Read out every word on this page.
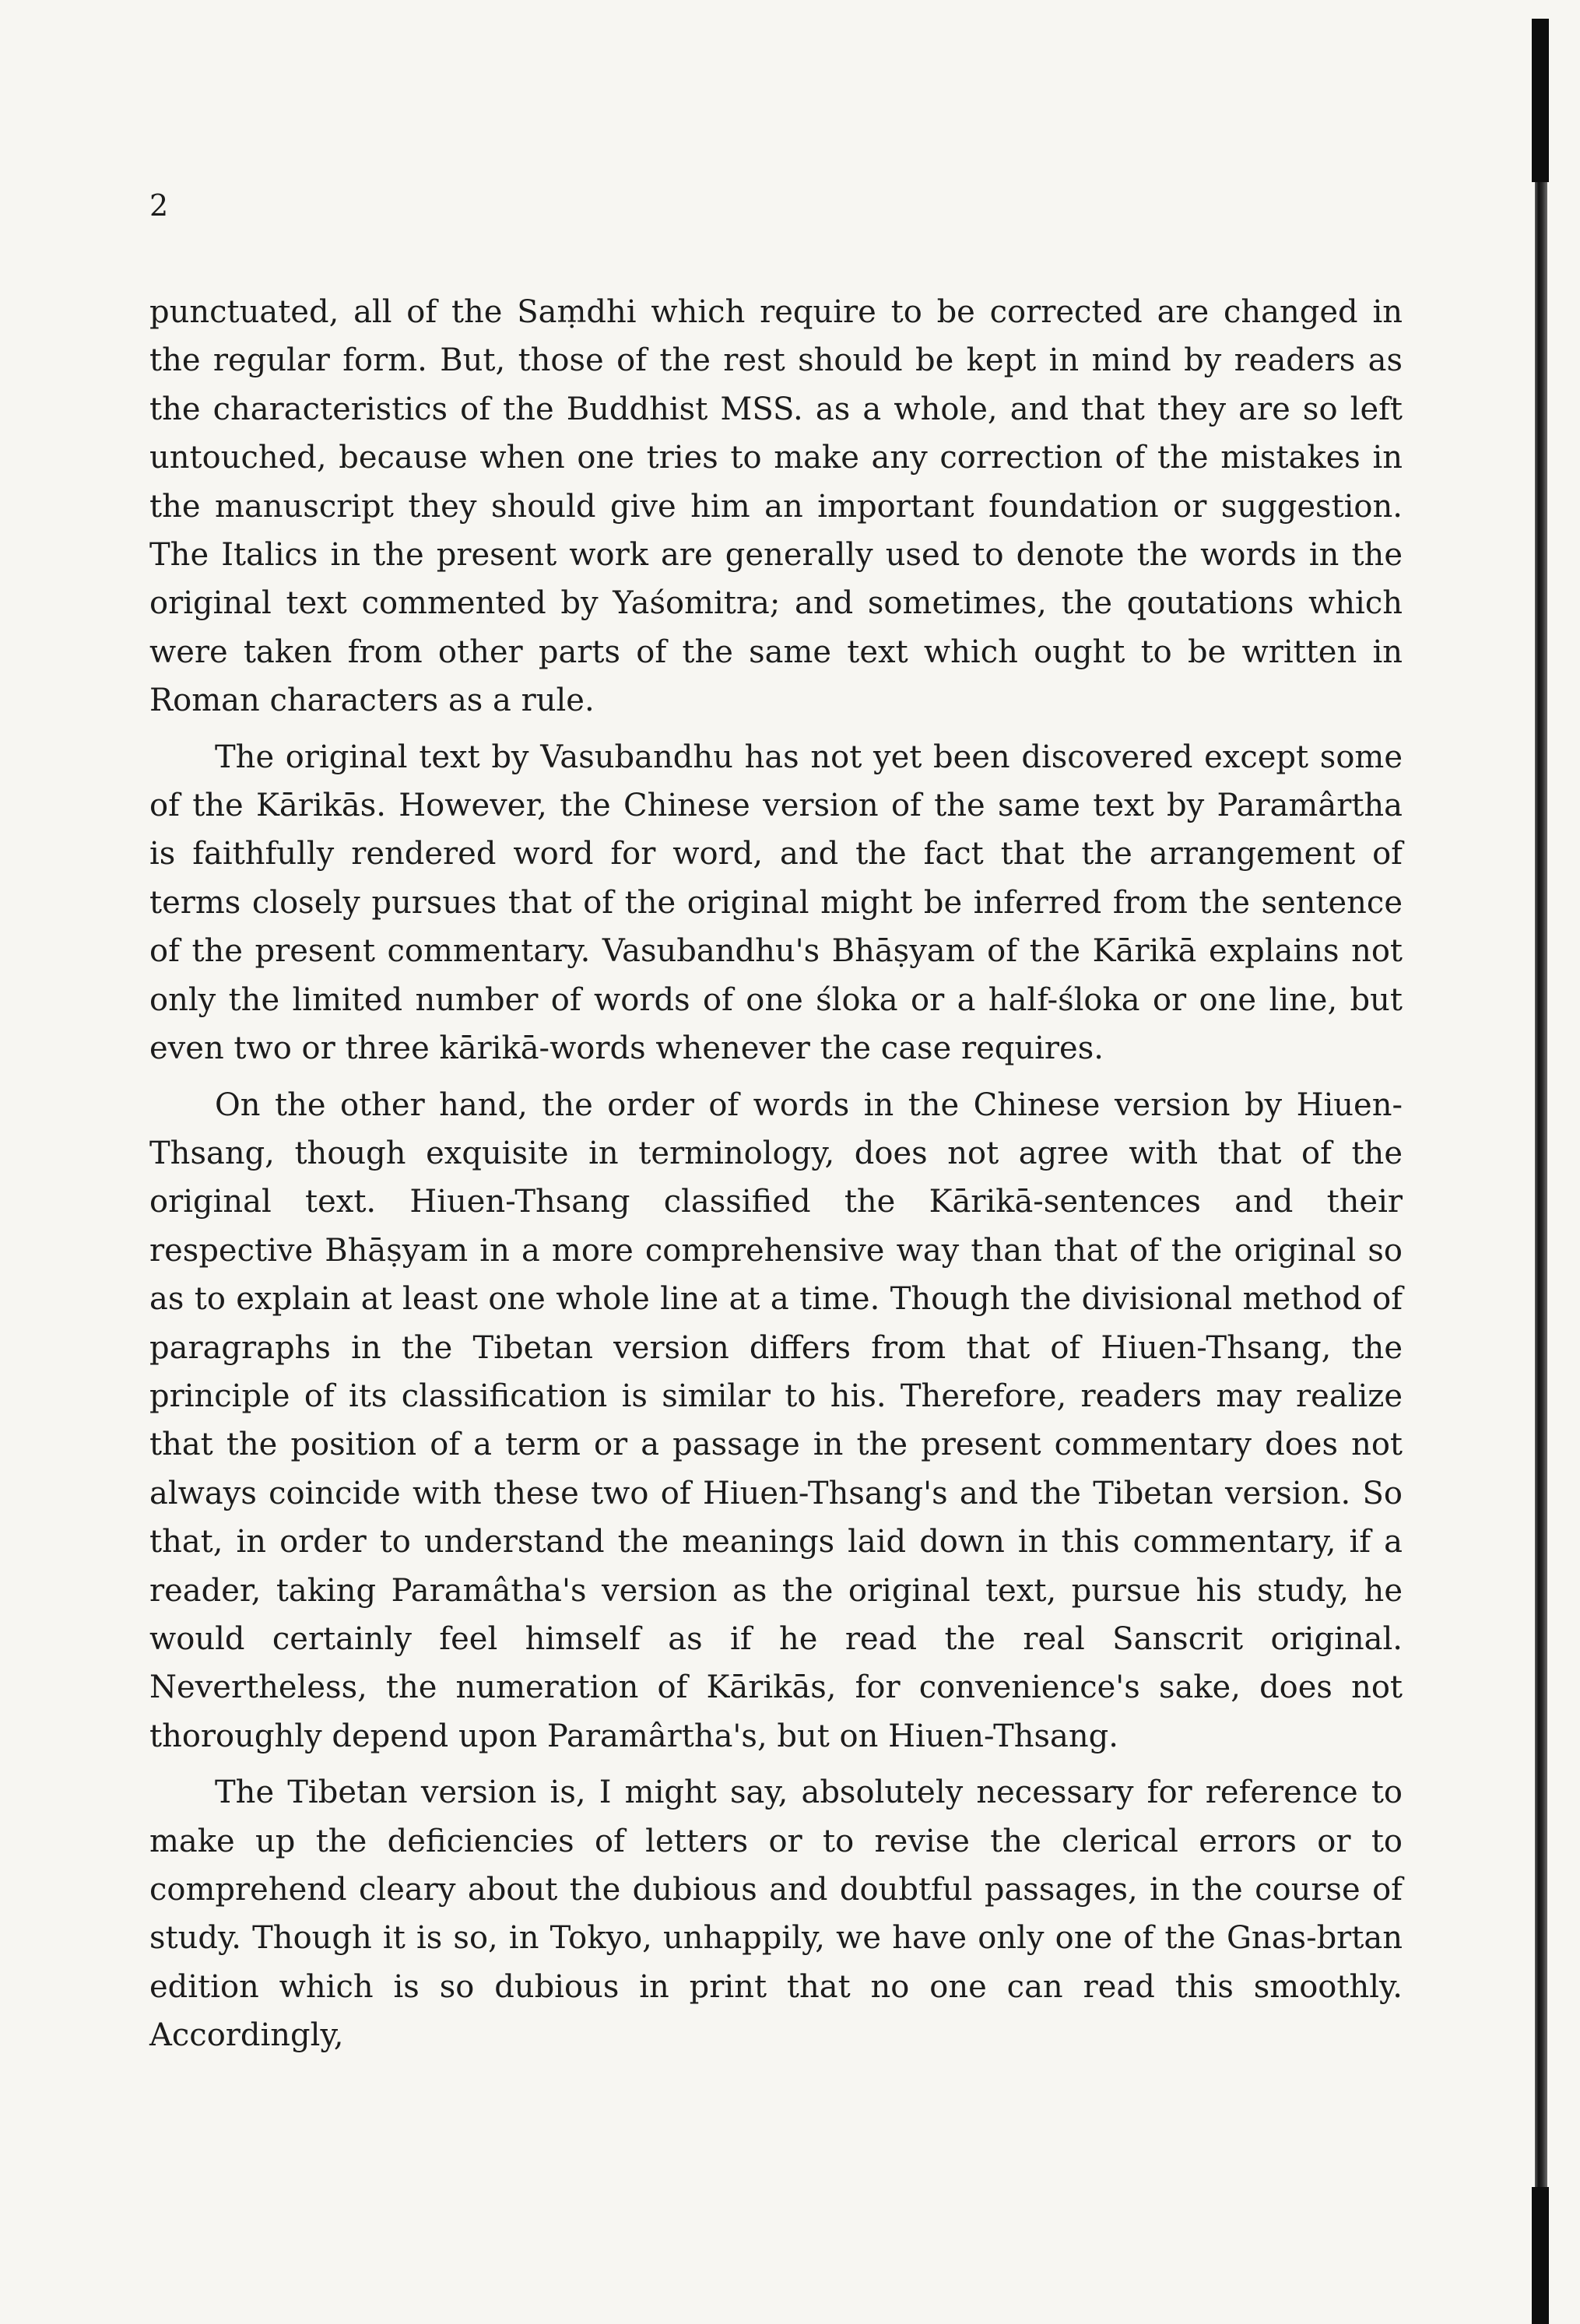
2

punctuated, all of the Saṃdhi which require to be corrected are changed in the regular form. But, those of the rest should be kept in mind by readers as the characteristics of the Buddhist MSS. as a whole, and that they are so left untouched, because when one tries to make any correction of the mistakes in the manuscript they should give him an important foundation or suggestion. The Italics in the present work are generally used to denote the words in the original text commented by Yaśomitra; and sometimes, the qoutations which were taken from other parts of the same text which ought to be written in Roman characters as a rule.

The original text by Vasubandhu has not yet been discovered except some of the Kārikās. However, the Chinese version of the same text by Paramârtha is faithfully rendered word for word, and the fact that the arrangement of terms closely pursues that of the original might be inferred from the sentence of the present commentary. Vasubandhu's Bhāṣyam of the Kārikā explains not only the limited number of words of one śloka or a half-śloka or one line, but even two or three kārikā-words whenever the case requires.

On the other hand, the order of words in the Chinese version by Hiuen-Thsang, though exquisite in terminology, does not agree with that of the original text. Hiuen-Thsang classified the Kārikā-sentences and their respective Bhāṣyam in a more comprehensive way than that of the original so as to explain at least one whole line at a time. Though the divisional method of paragraphs in the Tibetan version differs from that of Hiuen-Thsang, the principle of its classification is similar to his. Therefore, readers may realize that the position of a term or a passage in the present commentary does not always coincide with these two of Hiuen-Thsang's and the Tibetan version. So that, in order to understand the meanings laid down in this commentary, if a reader, taking Paramâtha's version as the original text, pursue his study, he would certainly feel himself as if he read the real Sanscrit original. Nevertheless, the numeration of Kārikās, for convenience's sake, does not thoroughly depend upon Paramârtha's, but on Hiuen-Thsang.

The Tibetan version is, I might say, absolutely necessary for reference to make up the deficiencies of letters or to revise the clerical errors or to comprehend cleary about the dubious and doubtful passages, in the course of study. Though it is so, in Tokyo, unhappily, we have only one of the Gnas-brtan edition which is so dubious in print that no one can read this smoothly. Accordingly,
